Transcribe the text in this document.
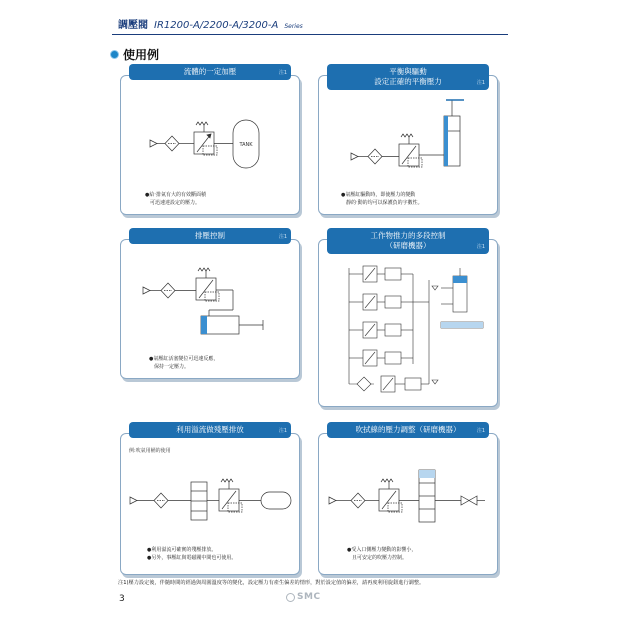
調壓閥 IR1200-A/2200-A/3200-A Series
使用例
流體的一定加壓	注1
TANK
●給‧排氣有大的有效斷面積
　可迅速達設定的壓力。
平衡與驅動
設定正確的平衡壓力	注1
●氣壓缸驅動時，即使壓力的變動
　靜的‧動的均可以保護負的字數性。
排壓控制	注1
●氣壓缸活塞變位可迅速反應，
　保持一定壓力。
工作物推力的多段控制
（研磨機器）	注1
利用溢流做殘壓排放	注1
例:吹氣用桶的使用
●利用溢流可確實的殘壓排放。
●另外，事壓缸與電磁閥中間也可使用。
吹拭線的壓力調整（研磨機器）	注1
●受入口側壓力變動的影響小，
　且可安定的吹壓力控制。
注1)壓力設定後，伴隨時間的經過與周圍溫度等的變化，設定壓力有產生偏差的情形，對於設定值的偏差，請再度利用旋鈕進行調整。
3	SMC
